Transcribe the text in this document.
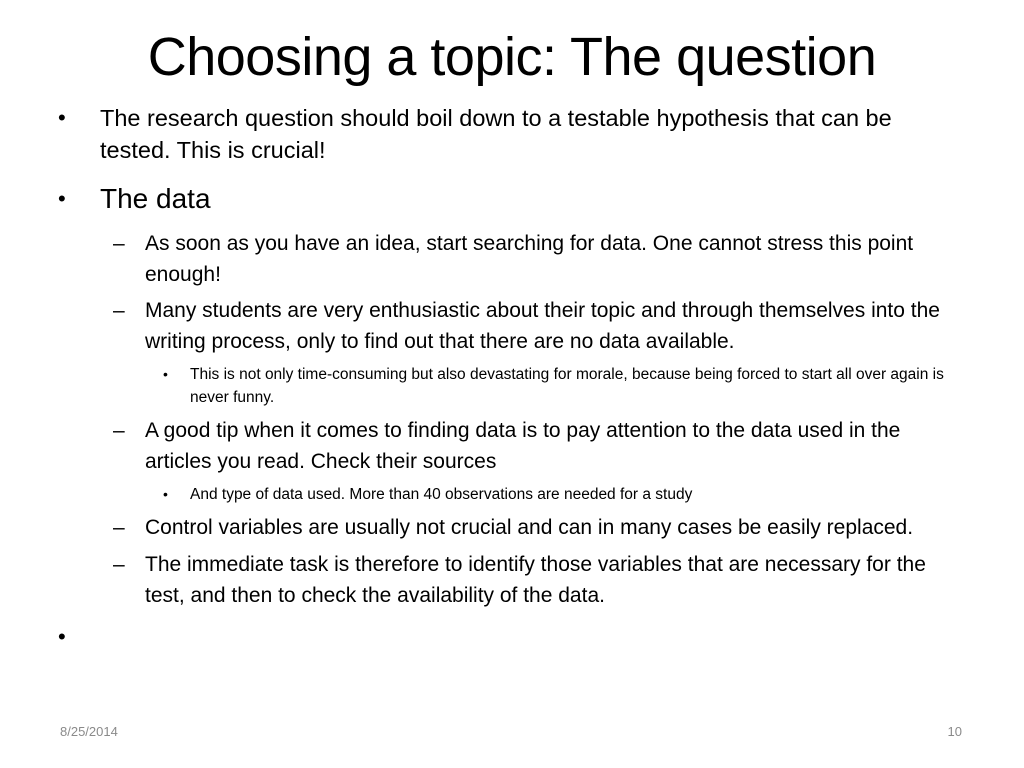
Choosing a topic: The question
• The research question should boil down to a testable hypothesis that can be tested. This is crucial!
• The data
– As soon as you have an idea, start searching for data. One cannot stress this point enough!
– Many students are very enthusiastic about their topic and through themselves into the writing process, only to find out that there are no data available.
• This is not only time-consuming but also devastating for morale, because being forced to start all over again is never funny.
– A good tip when it comes to finding data is to pay attention to the data used in the articles you read. Check their sources
• And type of data used. More than 40 observations are needed for a study
– Control variables are usually not crucial and can in many cases be easily replaced.
– The immediate task is therefore to identify those variables that are necessary for the test, and then to check the availability of the data.
•
8/25/2014	10
